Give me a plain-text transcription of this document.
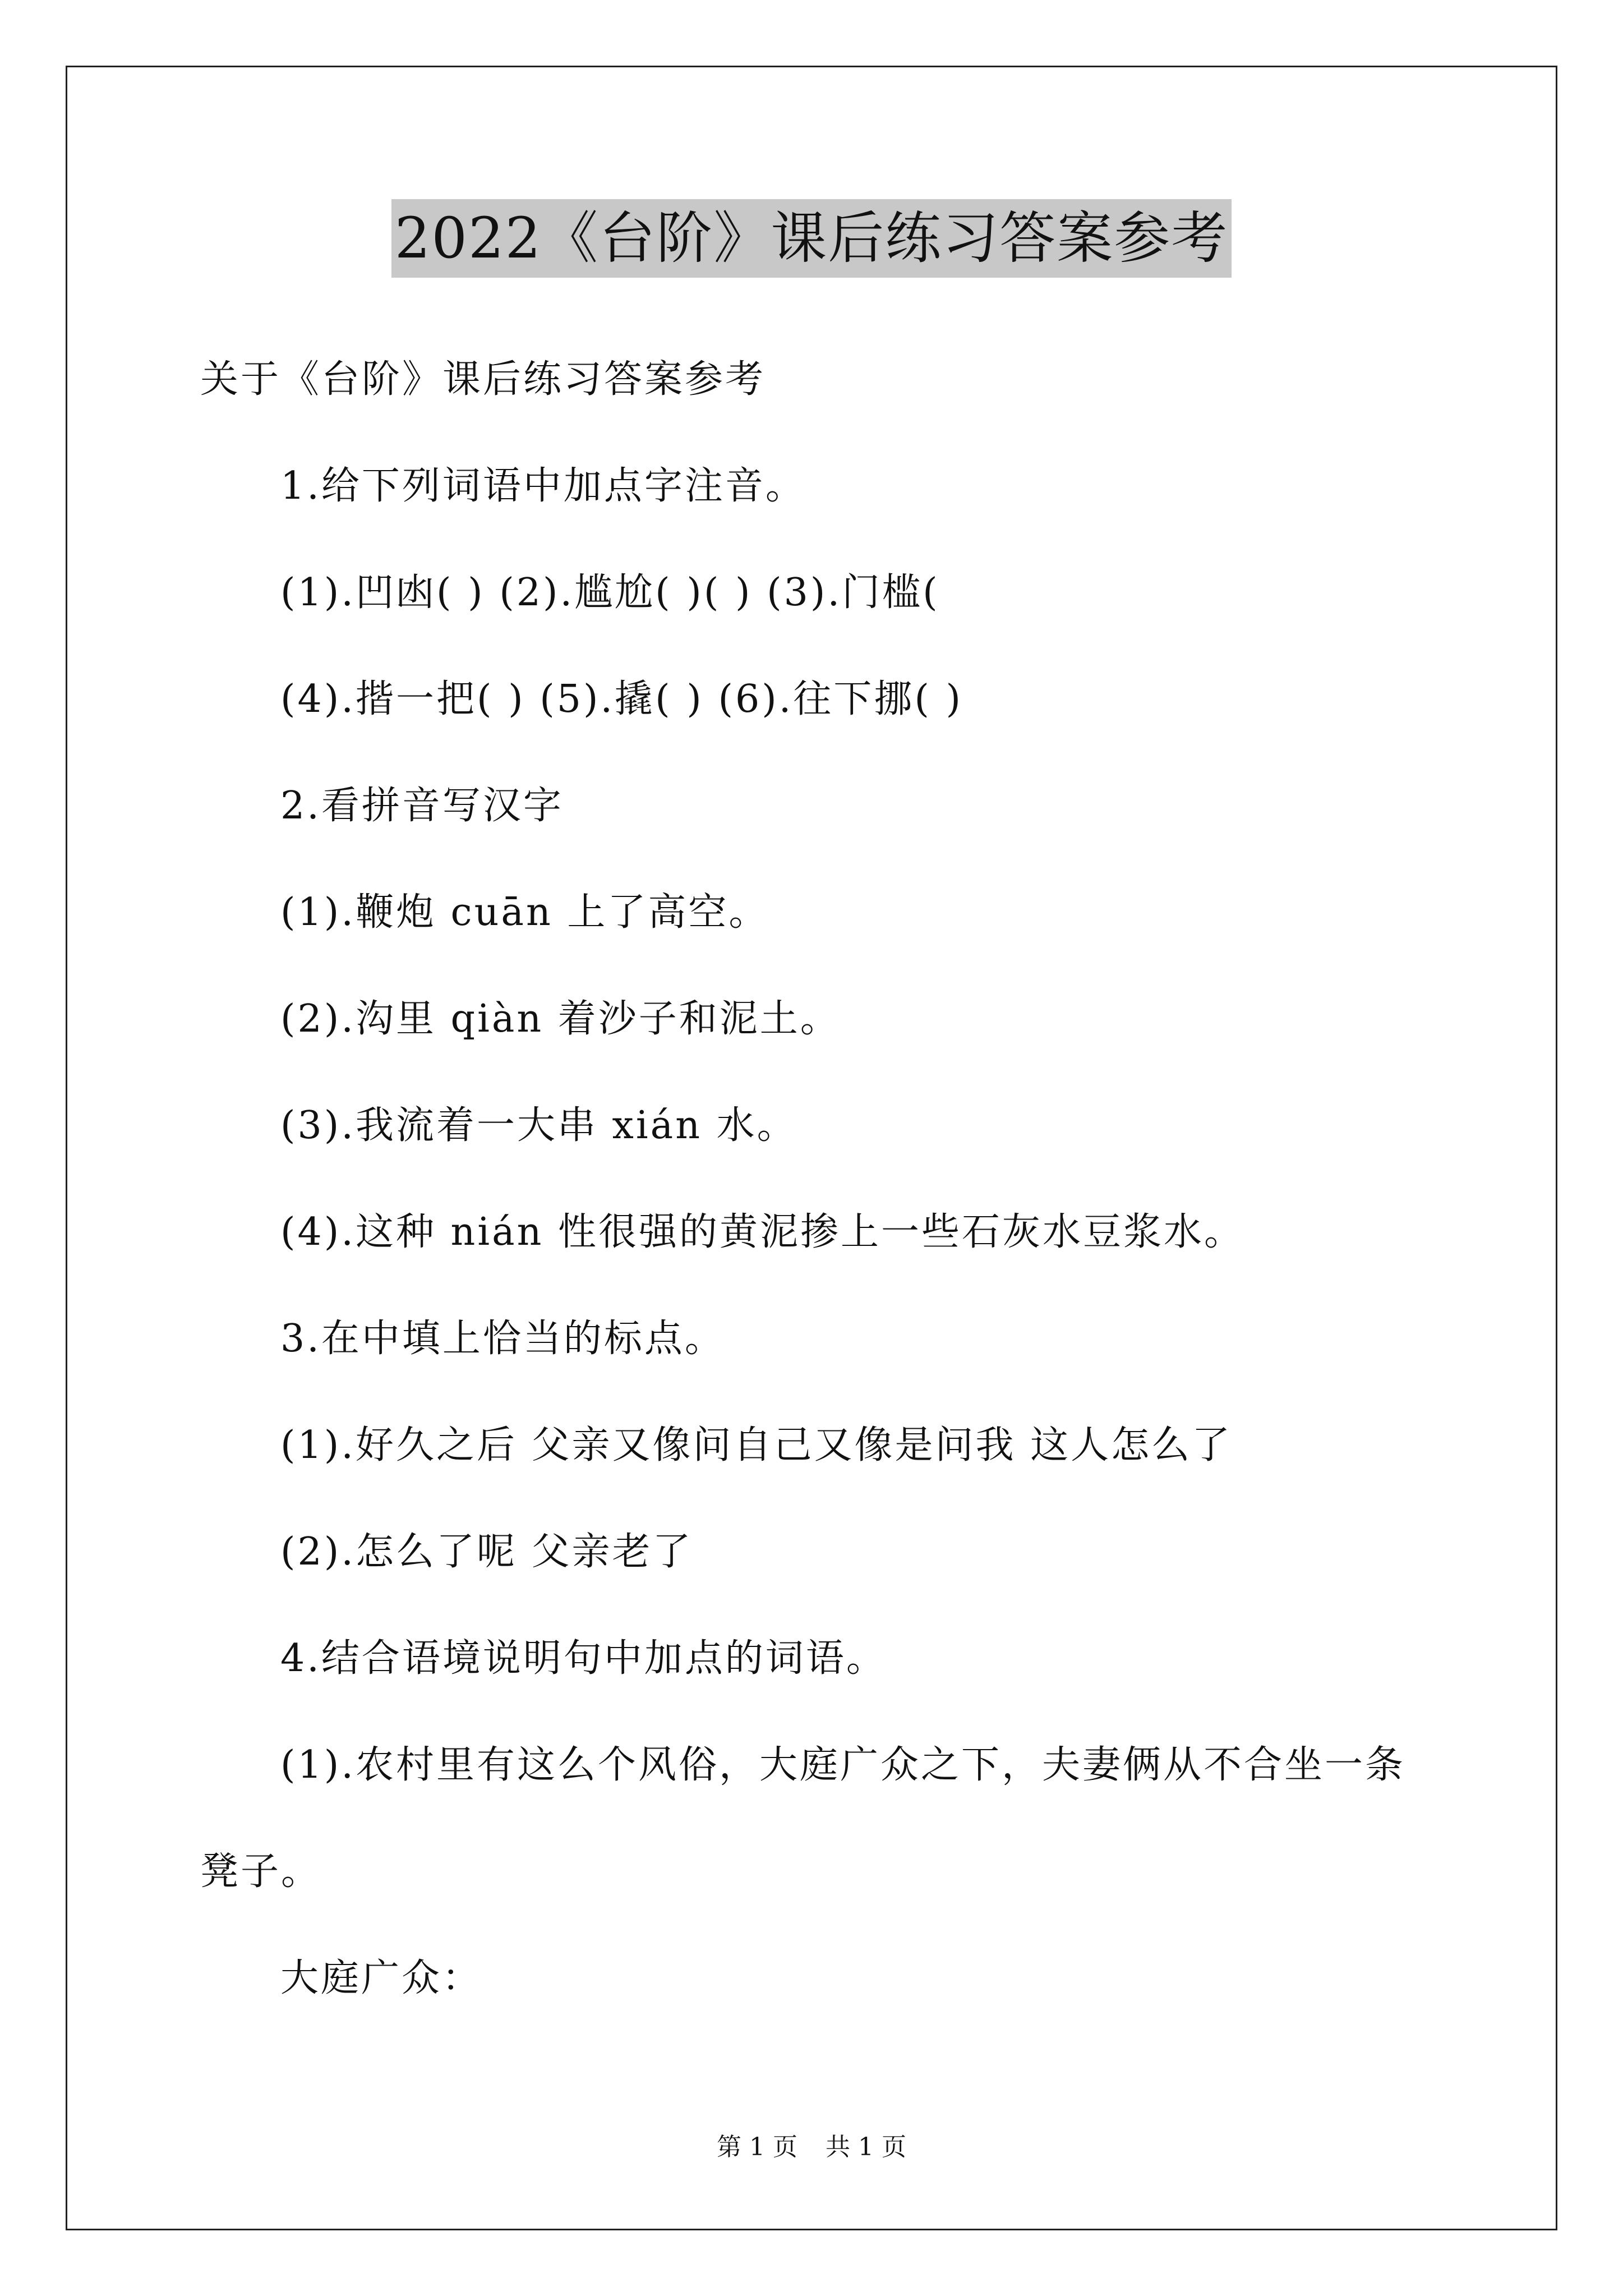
2022《台阶》课后练习答案参考
关于《台阶》课后练习答案参考
1.给下列词语中加点字注音。
(1).凹凼( ) (2).尴尬( )( ) (3).门槛(
(4).揩一把( ) (5).撬( ) (6).往下挪( )
2.看拼音写汉字
(1).鞭炮 cuān 上了高空。
(2).沟里 qiàn 着沙子和泥土。
(3).我流着一大串 xián 水。
(4).这种 nián 性很强的黄泥掺上一些石灰水豆浆水。
3.在中填上恰当的标点。
(1).好久之后 父亲又像问自己又像是问我 这人怎么了
(2).怎么了呢 父亲老了
4.结合语境说明句中加点的词语。
(1).农村里有这么个风俗，大庭广众之下，夫妻俩从不合坐一条
凳子。
大庭广众：
第 1 页 共 1 页
